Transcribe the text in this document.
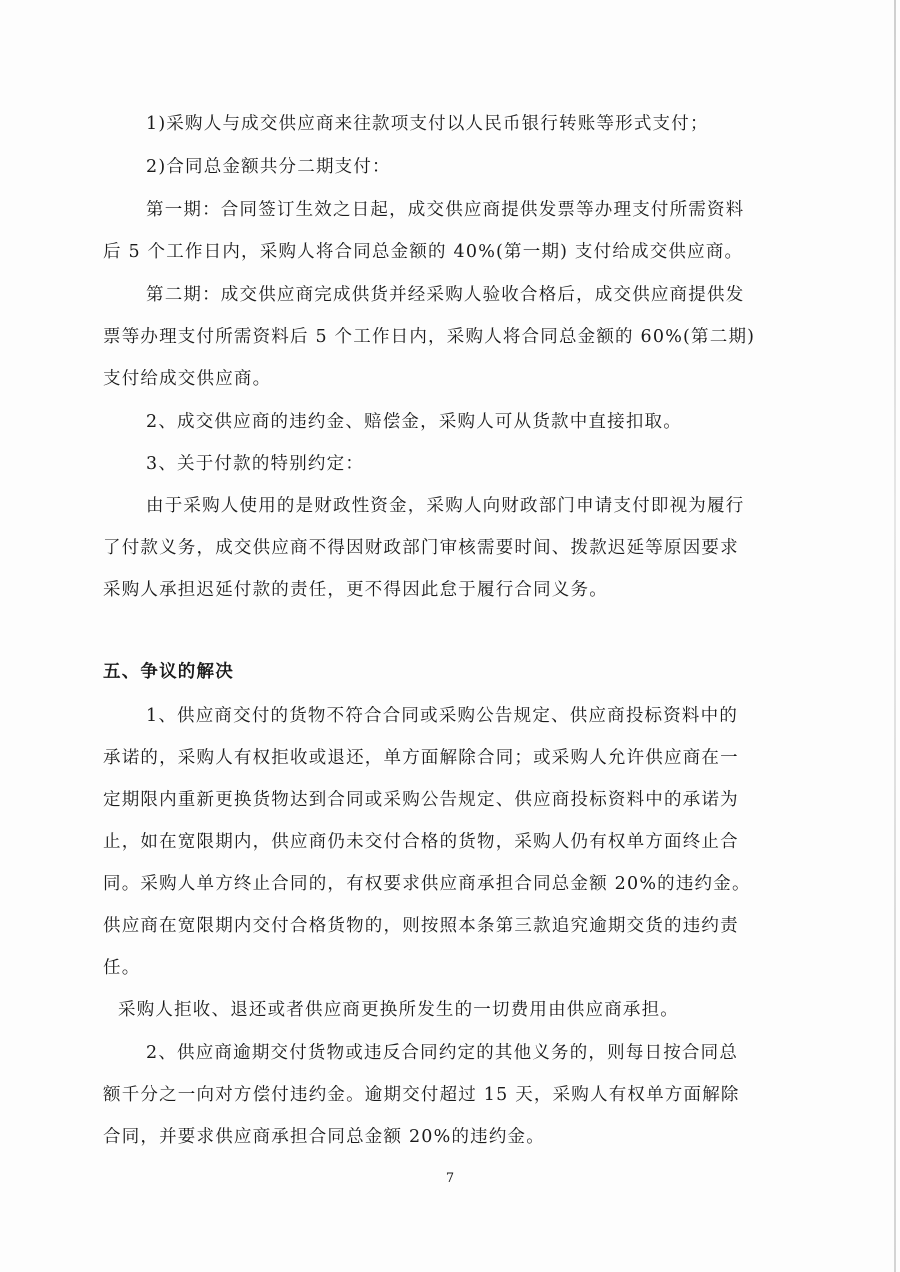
1)采购人与成交供应商来往款项支付以人民币银行转账等形式支付；
2)合同总金额共分二期支付：
第一期：合同签订生效之日起，成交供应商提供发票等办理支付所需资料
后 5 个工作日内，采购人将合同总金额的 40%(第一期) 支付给成交供应商。
第二期：成交供应商完成供货并经采购人验收合格后，成交供应商提供发
票等办理支付所需资料后 5 个工作日内，采购人将合同总金额的 60%(第二期)
支付给成交供应商。
2、成交供应商的违约金、赔偿金，采购人可从货款中直接扣取。
3、关于付款的特别约定：
由于采购人使用的是财政性资金，采购人向财政部门申请支付即视为履行
了付款义务，成交供应商不得因财政部门审核需要时间、拨款迟延等原因要求
采购人承担迟延付款的责任，更不得因此怠于履行合同义务。
五、争议的解决
1、供应商交付的货物不符合合同或采购公告规定、供应商投标资料中的
承诺的，采购人有权拒收或退还，单方面解除合同；或采购人允许供应商在一
定期限内重新更换货物达到合同或采购公告规定、供应商投标资料中的承诺为
止，如在宽限期内，供应商仍未交付合格的货物，采购人仍有权单方面终止合
同。采购人单方终止合同的，有权要求供应商承担合同总金额 20%的违约金。
供应商在宽限期内交付合格货物的，则按照本条第三款追究逾期交货的违约责
任。
采购人拒收、退还或者供应商更换所发生的一切费用由供应商承担。
2、供应商逾期交付货物或违反合同约定的其他义务的，则每日按合同总
额千分之一向对方偿付违约金。逾期交付超过 15 天，采购人有权单方面解除
合同，并要求供应商承担合同总金额 20%的违约金。
7
